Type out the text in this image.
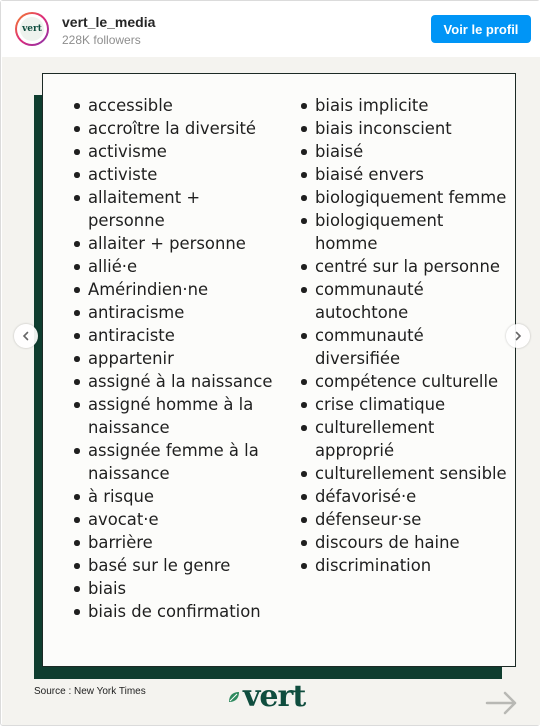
vert vert_le_media
228K followers
Voir le profil
accessible
accroître la diversité
activisme
activiste
allaitement + personne
allaiter + personne
allié·e
Amérindien·ne
antiracisme
antiraciste
appartenir
assigné à la naissance
assigné homme à la naissance
assignée femme à la naissance
à risque
avocat·e
barrière
basé sur le genre
biais
biais de confirmation
biais implicite
biais inconscient
biaisé
biaisé envers
biologiquement femme
biologiquement homme
centré sur la personne
communauté autochtone
communauté diversifiée
compétence culturelle
crise climatique
culturellement approprié
culturellement sensible
défavorisé·e
défenseur·se
discours de haine
discrimination
Source : New York Times	vert
